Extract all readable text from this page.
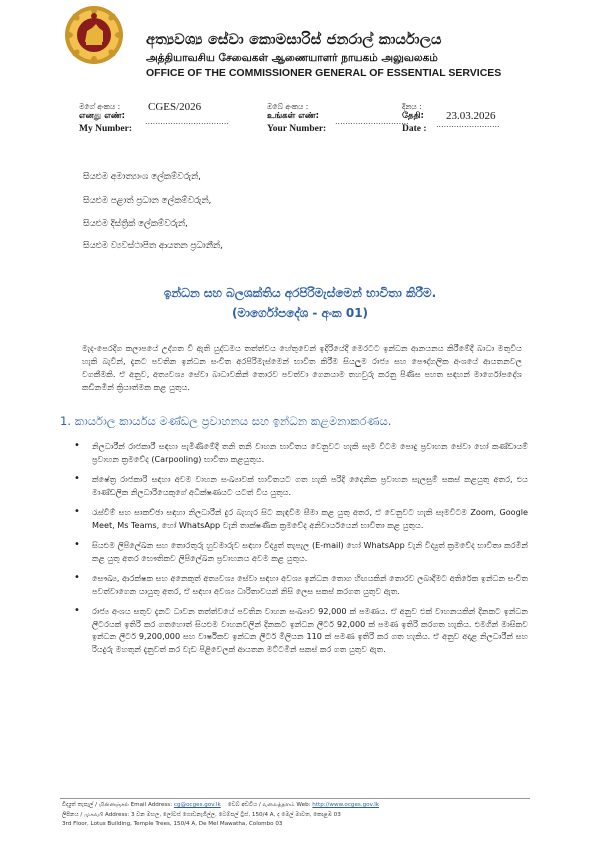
අත්‍යවශ්‍ය සේවා කොමසාරිස් ජනරාල් කාර්යාලය
அத்தியாவசிய சேவைகள் ஆணையாளர் நாயகம் அலுவலகம்
OFFICE OF THE COMMISSIONER GENERAL OF ESSENTIAL SERVICES
මගේ අංකය :
எனது எண்:
My Number:
CGES/2026
.................................
ඔබේ අංකය :
உங்கள் எண்:
Your Number:
.............................
දිනය :
தேதி:
Date :
23.03.2026
.........................
සියළුම අමාත්‍යාංශ ලේකම්වරුන්,
සියළුම පළාත් ප්‍රධාන ලේකම්වරුන්,
සියළුම දිස්ත්‍රික් ලේකම්වරුන්,
සියළුම ව්‍යවස්ථාපිත ආයතන ප්‍රධානීන්,
ඉන්ධන සහ බලශක්තිය අරපිරිමැස්මෙන් භාවිතා කිරීම.
(මාර්ගෝපදේශ - අංක 01)
මැද-පෙරදිග කලාපයේ උද්ගත වී ඇති යුද්ධමය තත්ත්වය හේතුවෙන් ඉදිරියේදී මෙරටට ඉන්ධන ආනයනය කිරීමේදී බාධා මතුවිය හැකි බැවින්, දැනට පවතින ඉන්ධන සංචිත අරපිරිමැස්මෙන් භාවිත කිරීම සියලුම රාජ්‍ය සහ පෞද්ගලික අංශයේ ආයතනවල වගකීමකි. ඒ අනුව, අත්‍යවශ්‍ය සේවා බාධාවකින් තොරව පවත්වා ගෙනයාම තහවුරු කරනු පිණිස පහත සඳහන් මාර්ගෝපදේශ කඩිනමින් ක්‍රියාත්මක කළ යුතුය.
1. කාර්යාල කාර්යය මණ්ඩල ප්‍රවාහනය සහ ඉන්ධන කළමනාකරණය.
• නිලධාරීන් රාජකාරී සඳහා පැමිණීමේදී තනි තනි වාහන භාවිතය වෙනුවට හැකි සෑම විටම පොදු ප්‍රවාහන සේවා හෝ කණ්ඩායම් ප්‍රවාහන ක්‍රමවේද (Carpooling) භාවිතා කළයුතුය.
• ක්ෂේත්‍ර රාජකාරි සඳහා අවම වාහන සංඛ්‍යාවක් භාවිතයට ගත හැකි පරිදි දෛනික ප්‍රවාහන සැලසුම් සකස් කළයුතු අතර, එය මාණ්ඩලික නිලධාරියෙකුගේ අධීක්ෂණයට යටත් විය යුතුය.
• රැස්වීම් සහ සාකච්ඡා සඳහා නිලධාරීන් දුර බැහැර සිට කැඳවීම සීමා කළ යුතු අතර, ඒ වෙනුවට හැකි සෑමවිටම Zoom, Google Meet, Ms Teams, හෝ WhatsApp වැනි තාක්ෂණික ක්‍රමවේද අනිවාර්යයෙන් භාවිතා කළ යුතුය.
• සියළුම ලිපිලේඛන සහ තොරතුරු හුවමාරුව සඳහා විද්‍යුත් තැපැල (E-mail) හෝ WhatsApp වැනි විද්‍යුත් ක්‍රමවේද භාවිතා කරමින් කළ යුතු අතර භෞතිකව ලිපිලේඛන ප්‍රවාහනය අවම කළ යුතුය.
• සෞඛ්‍ය, ආරක්ෂක සහ අනෙකුත් අත්‍යවශ්‍ය සේවා සඳහා අවශ්‍ය ඉන්ධන තොග හිඟයකින් තොරව ලබාදීමට අතිරේක ඉන්ධන සංචිත පවත්වාගෙන යායුතු අතර, ඒ සඳහා අවශ්‍ය ධාරිතාවයන් නිසි ලෙස සකස් කරගත යුතුව ඇත.
• රාජ්‍ය අංශය සතුව දැනට ධාවන තත්ත්වයේ පවතින වාහන සංඛ්‍යාව 92,000 ක් පමණය. ඒ අනුව එක් වාහනයකින් දිනකට ඉන්ධන ලීටරයක් ඉතිරි කර ගතහොත් සියළුම වාහනවලින් දිනකට ඉන්ධන ලීටර් 92,000 ක් පමණ ඉතිරි කරගත හැකිය. එමගින් මාසිකව ඉන්ධන ලීටර් 9,200,000 සහ වාර්ෂිකව ඉන්ධන ලීටර් මිලියන 110 ක් පමණ ඉතිරි කර ගත හැකිය. ඒ අනුව අදාළ නිලධාරීන් සහ රියදුරු මහතුන් දැනුවත් කර වැඩ පිළිවෙලක් ආයතන මට්ටමින් සකස් කර ගත යුතුව ඇත.
විද්‍යුත් තැපැල් / மின்னஞ்சல் Email Address: cg@ocges.gov.lk වෙබ් අඩවිය / வலைத்தளம் Web: http://www.ocges.gov.lk
ලිපිනය / முகவரி Address: 3 වන මහල, ලෝටස් ගොඩනැගිල්ල, ටෙම්පල් ට්‍රීස්, 150/4 A, ද මෙල් මාවත, කොළඹ 03
3rd Floor, Lotus Building, Temple Trees, 150/4 A, De Mel Mawatha, Colombo 03
